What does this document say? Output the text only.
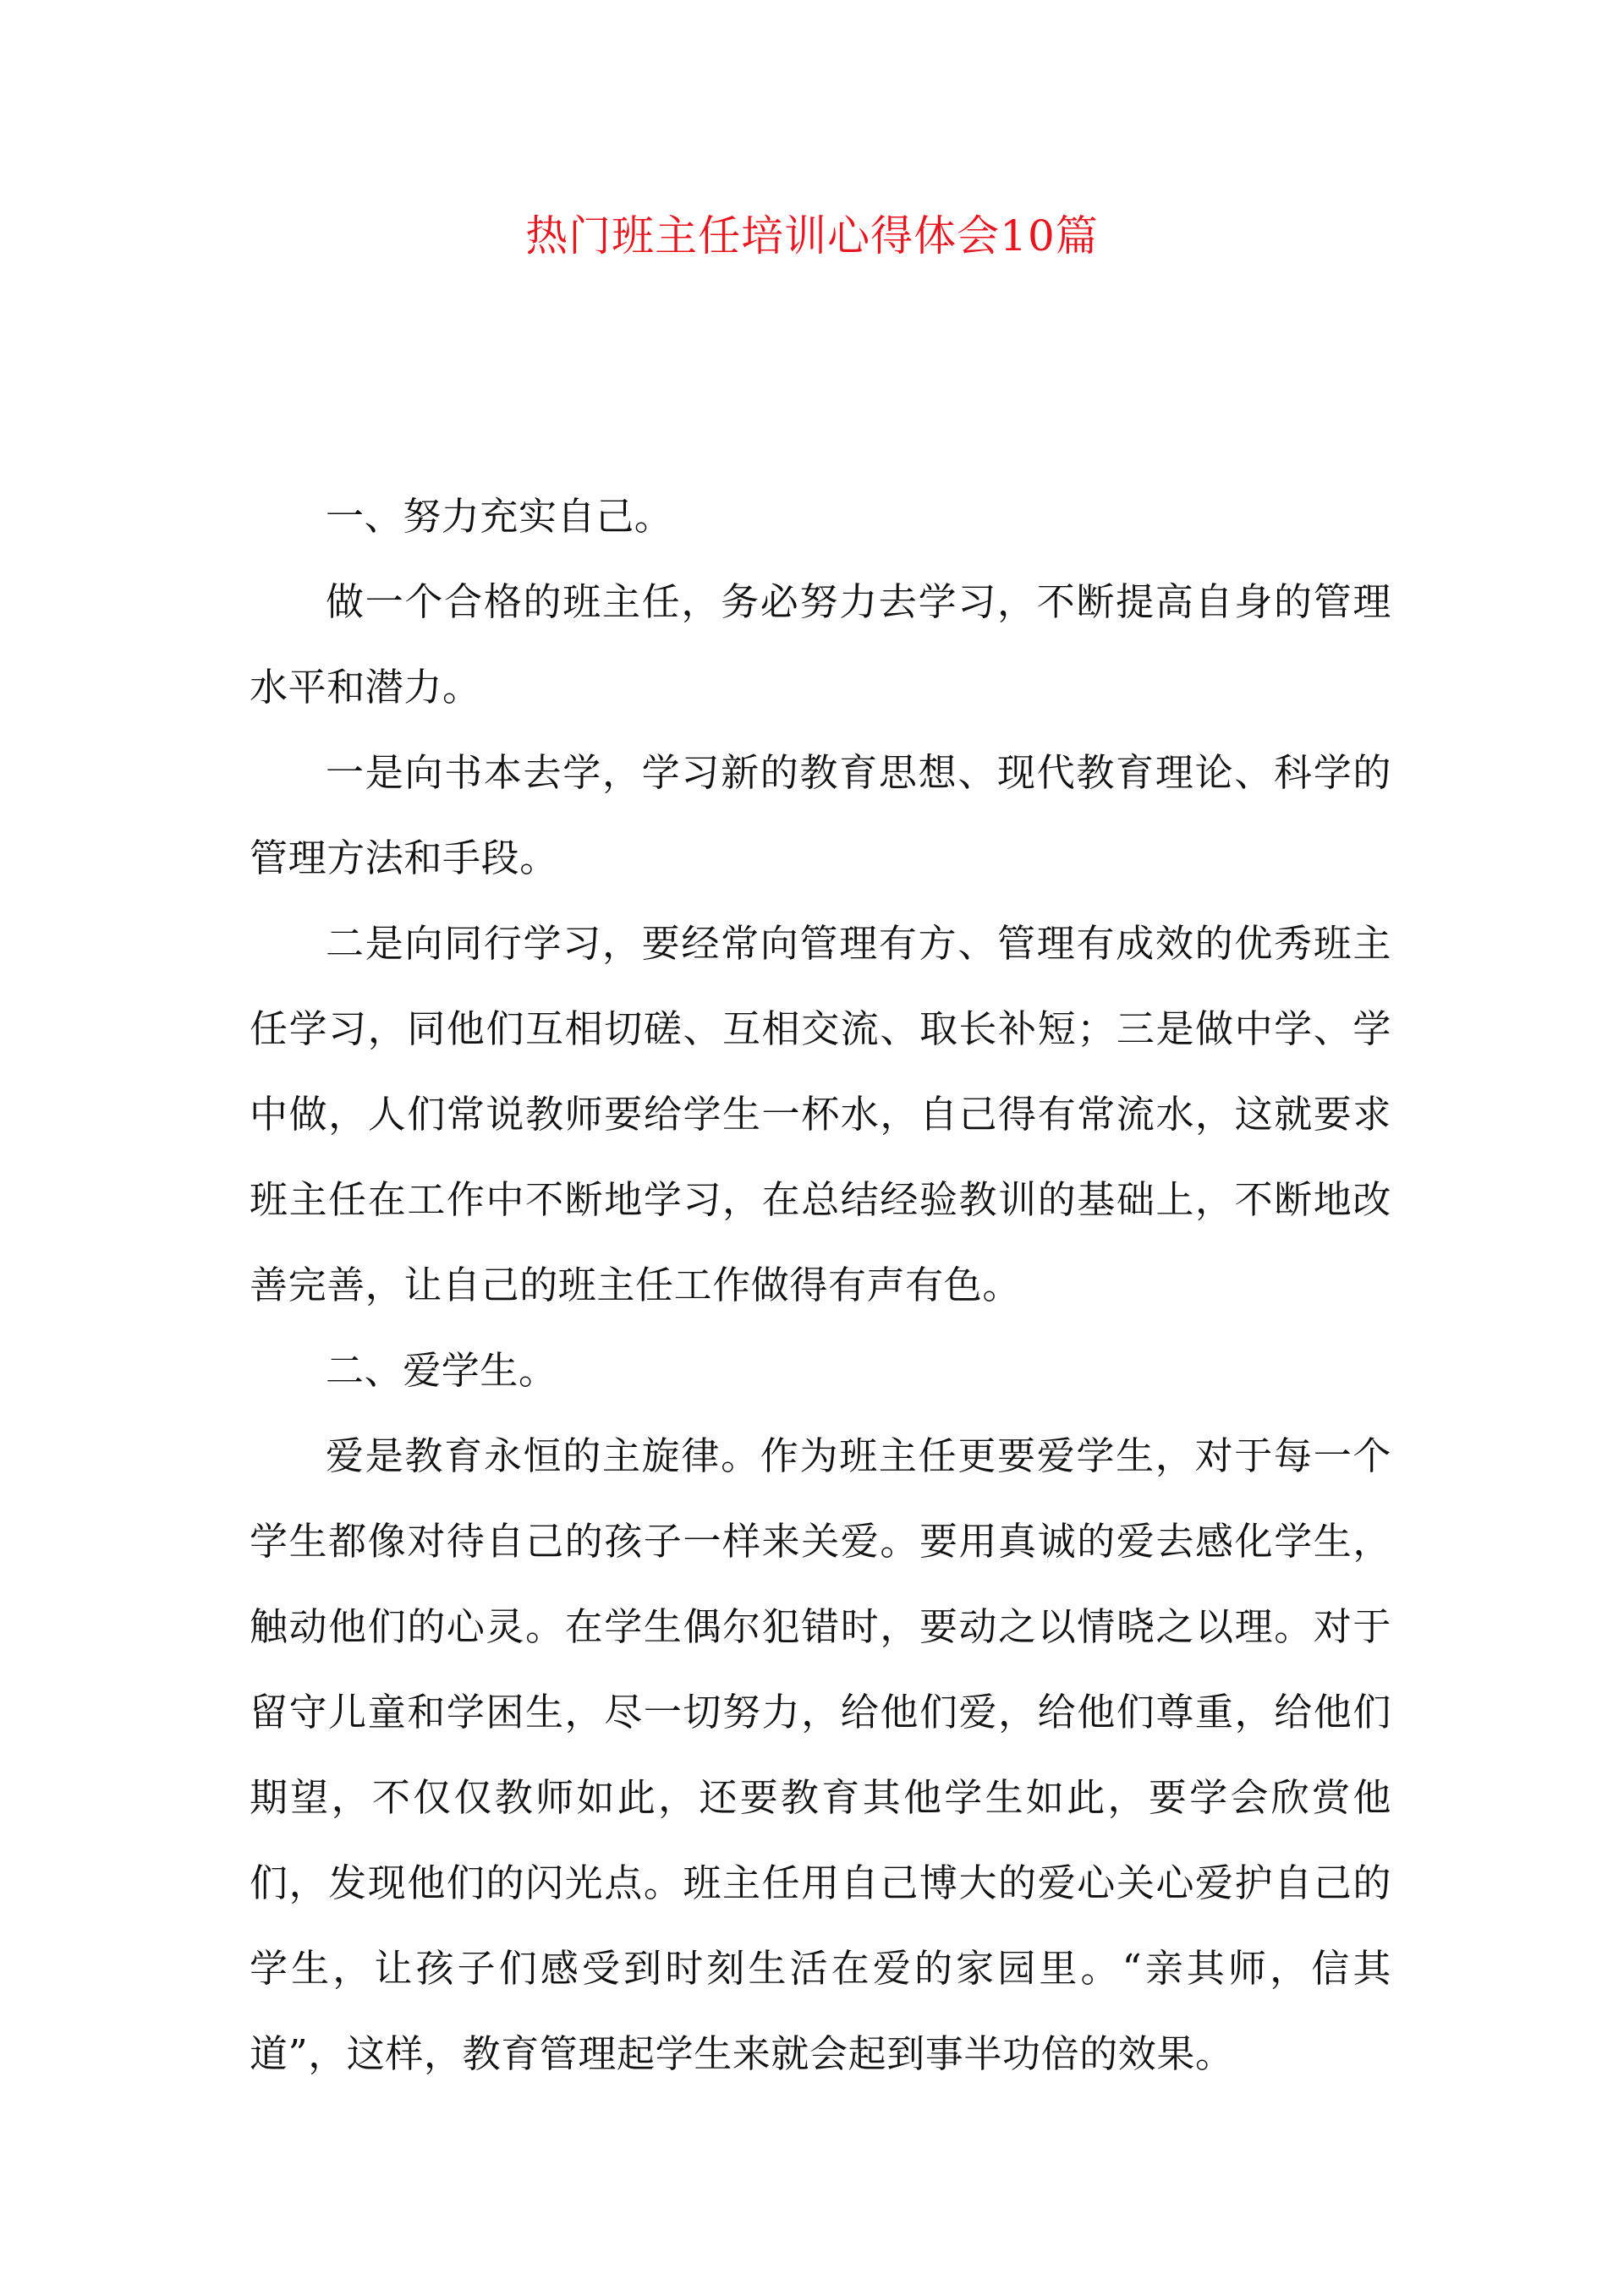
热门班主任培训心得体会10篇

一、努力充实自己。

做一个合格的班主任，务必努力去学习，不断提高自身的管理水平和潜力。

一是向书本去学，学习新的教育思想、现代教育理论、科学的管理方法和手段。

二是向同行学习，要经常向管理有方、管理有成效的优秀班主任学习，同他们互相切磋、互相交流、取长补短；三是做中学、学中做，人们常说教师要给学生一杯水，自己得有常流水，这就要求班主任在工作中不断地学习，在总结经验教训的基础上，不断地改善完善，让自己的班主任工作做得有声有色。

二、爱学生。

爱是教育永恒的主旋律。作为班主任更要爱学生，对于每一个学生都像对待自己的孩子一样来关爱。要用真诚的爱去感化学生，触动他们的心灵。在学生偶尔犯错时，要动之以情晓之以理。对于留守儿童和学困生，尽一切努力，给他们爱，给他们尊重，给他们期望，不仅仅教师如此，还要教育其他学生如此，要学会欣赏他们，发现他们的闪光点。班主任用自己博大的爱心关心爱护自己的学生，让孩子们感受到时刻生活在爱的家园里。“亲其师，信其道”，这样，教育管理起学生来就会起到事半功倍的效果。
